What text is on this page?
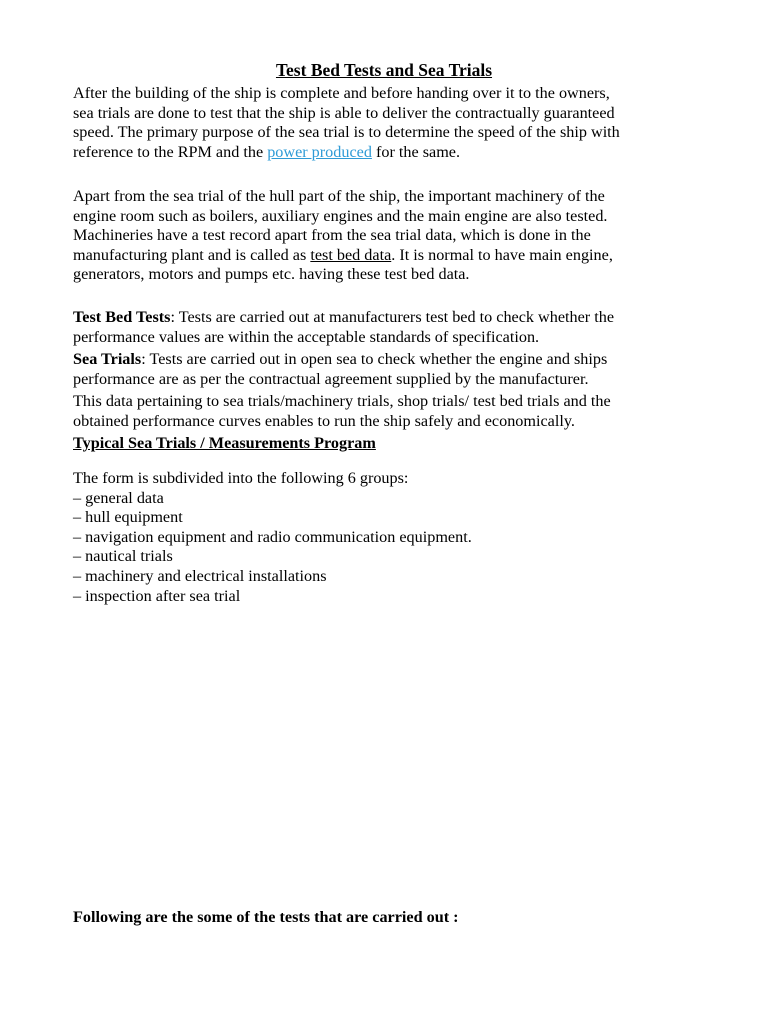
Test Bed Tests and Sea Trials
After the building of the ship is complete and before handing over it to the owners,
sea trials are done to test that the ship is able to deliver the contractually guaranteed
speed. The primary purpose of the sea trial is to determine the speed of the ship with
reference to the RPM and the power produced for the same.
Apart from the sea trial of the hull part of the ship, the important machinery of the
engine room such as boilers, auxiliary engines and the main engine are also tested.
Machineries have a test record apart from the sea trial data, which is done in the
manufacturing plant and is called as test bed data. It is normal to have main engine,
generators, motors and pumps etc. having these test bed data.
Test Bed Tests: Tests are carried out at manufacturers test bed to check whether the
performance values are within the acceptable standards of specification.
Sea Trials: Tests are carried out in open sea to check whether the engine and ships
performance are as per the contractual agreement supplied by the manufacturer.
This data pertaining to sea trials/machinery trials, shop trials/ test bed trials and the
obtained performance curves enables to run the ship safely and economically.
Typical Sea Trials / Measurements Program
The form is subdivided into the following 6 groups:
– general data
– hull equipment
– navigation equipment and radio communication equipment.
– nautical trials
– machinery and electrical installations
– inspection after sea trial
Following are the some of the tests that are carried out :
